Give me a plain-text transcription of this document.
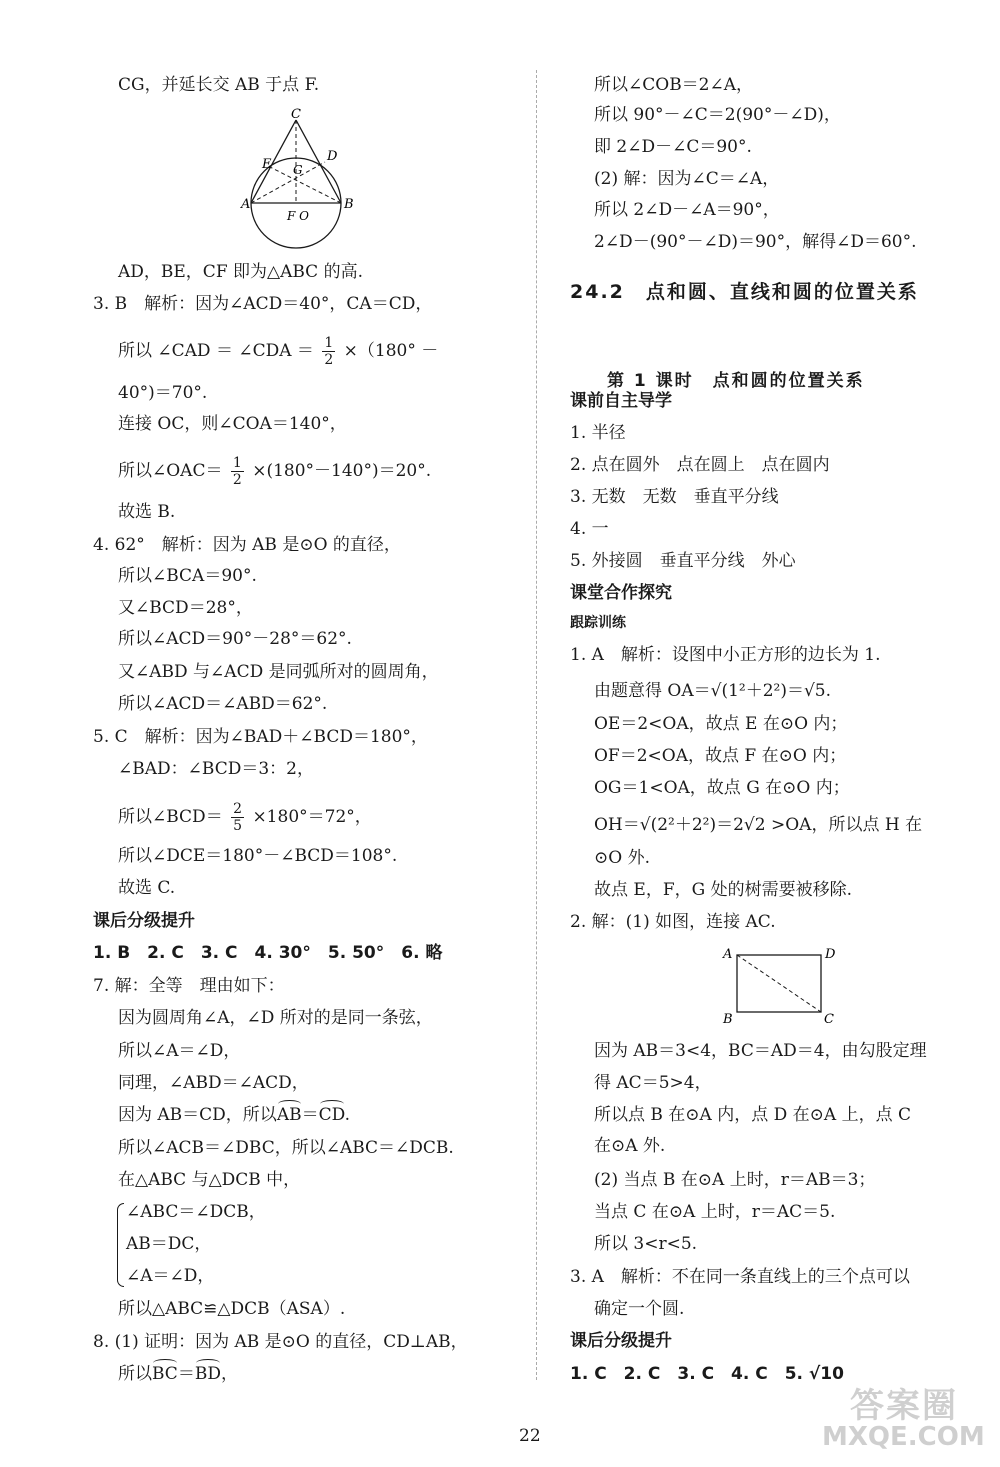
CG，并延长交 AB 于点 F.
C
D
E G
A	B
F O
AD，BE，CF 即为△ABC 的高.
3. B　解析：因为∠ACD＝40°，CA＝CD，
所以 ∠CAD ＝ ∠CDA ＝ $\frac{1}{2} \times(180^\circ$ －
40°)＝70°.
连接 OC，则∠COA＝140°，
所以∠OAC＝ $\frac{1}{2} \times(180^\circ-140^\circ)=20^\circ$.
故选 B.
4. 62°　解析：因为 AB 是⊙O 的直径，
所以∠BCA＝90°.
又∠BCD＝28°，
所以∠ACD＝90°－28°＝62°.
又∠ABD 与∠ACD 是同弧所对的圆周角，
所以∠ACD＝∠ABD＝62°.
5. C　解析：因为∠BAD＋∠BCD＝180°，
∠BAD：∠BCD＝3：2，
所以∠BCD＝ $\frac{2}{5} \times 180^\circ=72^\circ$，
所以∠DCE＝180°－∠BCD＝108°.
故选 C.
课后分级提升
1. B　2. C　3. C　4. 30°　5. 50°　6. 略
7. 解：全等　理由如下：
因为圆周角∠A，∠D 所对的是同一条弦，
所以∠A＝∠D，
同理，∠ABD＝∠ACD，
因为 AB＝CD，所以AB＝CD.
所以∠ACB＝∠DBC，所以∠ABC＝∠DCB.
在△ABC 与△DCB 中，
∠ABC＝∠DCB，
AB＝DC，
∠A＝∠D，
所以△ABC≌△DCB（ASA）.
8. (1) 证明：因为 AB 是⊙O 的直径，CD⊥AB，
所以BC＝BD，
所以∠COB＝2∠A，
所以 90°－∠C＝2(90°－∠D)，
即 2∠D－∠C＝90°.
(2) 解：因为∠C＝∠A，
所以 2∠D－∠A＝90°，
2∠D－(90°－∠D)＝90°，解得∠D＝60°.
24.2　点和圆、直线和圆的位置关系
第 1 课时　点和圆的位置关系
课前自主导学
1. 半径
2. 点在圆外　点在圆上　点在圆内
3. 无数　无数　垂直平分线
4. 一
5. 外接圆　垂直平分线　外心
课堂合作探究
跟踪训练
1. A　解析：设图中小正方形的边长为 1.
由题意得 OA＝√(1²＋2²)＝√5.
OE＝2<OA，故点 E 在⊙O 内；
OF＝2<OA，故点 F 在⊙O 内；
OG＝1<OA，故点 G 在⊙O 内；
OH＝√(2²＋2²)＝2√2 >OA，所以点 H 在
⊙O 外.
故点 E，F，G 处的树需要被移除.
2. 解：(1) 如图，连接 AC.
A	D
B	C
因为 AB＝3<4，BC＝AD＝4，由勾股定理
得 AC＝5>4，
所以点 B 在⊙A 内，点 D 在⊙A 上，点 C
在⊙A 外.
(2) 当点 B 在⊙A 上时，r＝AB＝3；
当点 C 在⊙A 上时，r＝AC＝5.
所以 3<r<5.
3. A　解析：不在同一条直线上的三个点可以
确定一个圆.
课后分级提升
1. C　2. C　3. C　4. C　5. √10
22
答案圈
MXQE.COM
